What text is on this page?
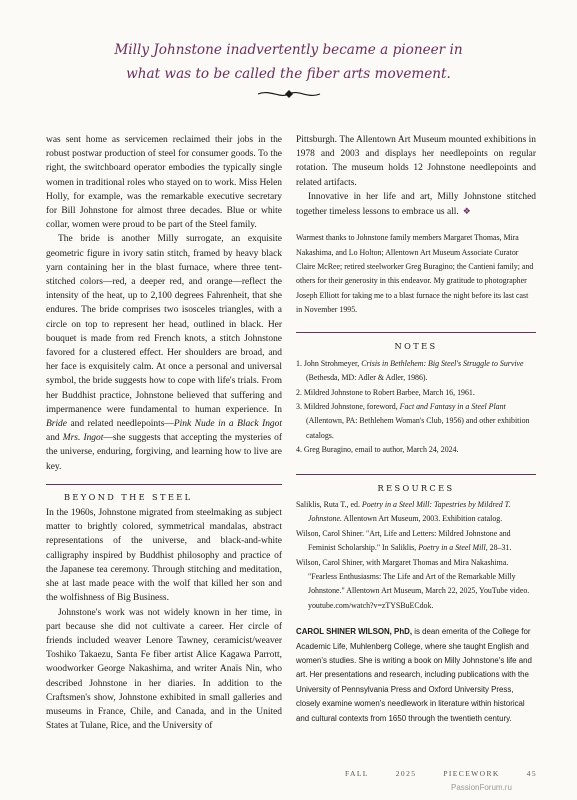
Milly Johnstone inadvertently became a pioneer in
what was to be called the fiber arts movement.

was sent home as servicemen reclaimed their jobs in the robust postwar production of steel for consumer goods. To the right, the switchboard operator embodies the typically single women in traditional roles who stayed on to work. Miss Helen Holly, for example, was the remarkable executive secretary for Bill Johnstone for almost three decades. Blue or white collar, women were proud to be part of the Steel family.

The bride is another Milly surrogate, an exquisite geometric figure in ivory satin stitch, framed by heavy black yarn containing her in the blast furnace, where three tent-stitched colors—red, a deeper red, and orange—reflect the intensity of the heat, up to 2,100 degrees Fahrenheit, that she endures. The bride comprises two isosceles triangles, with a circle on top to represent her head, outlined in black. Her bouquet is made from red French knots, a stitch Johnstone favored for a clustered effect. Her shoulders are broad, and her face is exquisitely calm. At once a personal and universal symbol, the bride suggests how to cope with life's trials. From her Buddhist practice, Johnstone believed that suffering and impermanence were fundamental to human experience. In Bride and related needlepoints—Pink Nude in a Black Ingot and Mrs. Ingot—she suggests that accepting the mysteries of the universe, enduring, forgiving, and learning how to live are key.

BEYOND THE STEEL

In the 1960s, Johnstone migrated from steelmaking as subject matter to brightly colored, symmetrical mandalas, abstract representations of the universe, and black-and-white calligraphy inspired by Buddhist philosophy and practice of the Japanese tea ceremony. Through stitching and meditation, she at last made peace with the wolf that killed her son and the wolfishness of Big Business.

Johnstone's work was not widely known in her time, in part because she did not cultivate a career. Her circle of friends included weaver Lenore Tawney, ceramicist/weaver Toshiko Takaezu, Santa Fe fiber artist Alice Kagawa Parrott, woodworker George Nakashima, and writer Anaïs Nin, who described Johnstone in her diaries. In addition to the Craftsmen's show, Johnstone exhibited in small galleries and museums in France, Chile, and Canada, and in the United States at Tulane, Rice, and the University of

Pittsburgh. The Allentown Art Museum mounted exhibitions in 1978 and 2003 and displays her needlepoints on regular rotation. The museum holds 12 Johnstone needlepoints and related artifacts.

Innovative in her life and art, Milly Johnstone stitched together timeless lessons to embrace us all. ❖

Warmest thanks to Johnstone family members Margaret Thomas, Mira Nakashima, and Lo Holton; Allentown Art Museum Associate Curator Claire McRee; retired steelworker Greg Buragino; the Cantieni family; and others for their generosity in this endeavor. My gratitude to photographer Joseph Elliott for taking me to a blast furnace the night before its last cast in November 1995.
NOTES
1. John Strohmeyer, Crisis in Bethlehem: Big Steel's Struggle to Survive (Bethesda, MD: Adler & Adler, 1986).
2. Mildred Johnstone to Robert Barbee, March 16, 1961.
3. Mildred Johnstone, foreword, Fact and Fantasy in a Steel Plant (Allentown, PA: Bethlehem Woman's Club, 1956) and other exhibition catalogs.
4. Greg Buragino, email to author, March 24, 2024.
RESOURCES
Saliklis, Ruta T., ed. Poetry in a Steel Mill: Tapestries by Mildred T. Johnstone. Allentown Art Museum, 2003. Exhibition catalog.
Wilson, Carol Shiner. "Art, Life and Letters: Mildred Johnstone and Feminist Scholarship." In Saliklis, Poetry in a Steel Mill, 28–31.
Wilson, Carol Shiner, with Margaret Thomas and Mira Nakashima. "Fearless Enthusiasms: The Life and Art of the Remarkable Milly Johnstone." Allentown Art Museum, March 22, 2025, YouTube video. youtube.com/watch?v=zTYSBuECdok.
CAROL SHINER WILSON, PhD, is dean emerita of the College for Academic Life, Muhlenberg College, where she taught English and women's studies. She is writing a book on Milly Johnstone's life and art. Her presentations and research, including publications with the University of Pennsylvania Press and Oxford University Press, closely examine women's needlework in literature within historical and cultural contexts from 1650 through the twentieth century.
FALL	2025	PIECEWORK	45
PassionForum.ru
